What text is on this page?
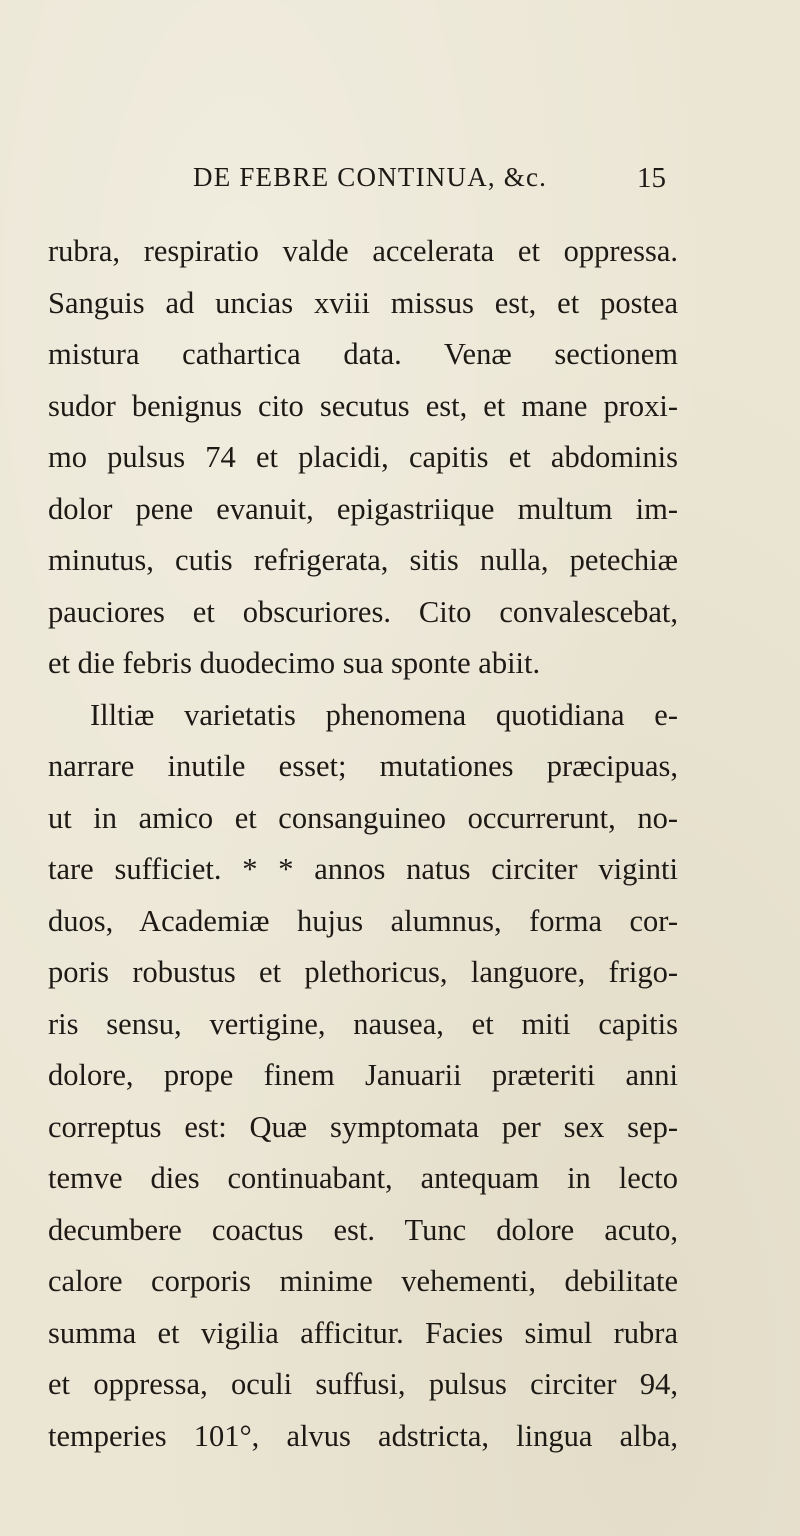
DE FEBRE CONTINUA, &c.	15
rubra, respiratio valde accelerata et oppressa.
Sanguis ad uncias xviii missus est, et postea
mistura cathartica data. Venæ sectionem
sudor benignus cito secutus est, et mane proxi-
mo pulsus 74 et placidi, capitis et abdominis
dolor pene evanuit, epigastriique multum im-
minutus, cutis refrigerata, sitis nulla, petechiæ
pauciores et obscuriores. Cito convalescebat,
et die febris duodecimo sua sponte abiit.
Illtiæ varietatis phenomena quotidiana e-
narrare inutile esset; mutationes præcipuas,
ut in amico et consanguineo occurrerunt, no-
tare sufficiet. * * annos natus circiter viginti
duos, Academiæ hujus alumnus, forma cor-
poris robustus et plethoricus, languore, frigo-
ris sensu, vertigine, nausea, et miti capitis
dolore, prope finem Januarii præteriti anni
correptus est: Quæ symptomata per sex sep-
temve dies continuabant, antequam in lecto
decumbere coactus est. Tunc dolore acuto,
calore corporis minime vehementi, debilitate
summa et vigilia afficitur. Facies simul rubra
et oppressa, oculi suffusi, pulsus circiter 94,
temperies 101°, alvus adstricta, lingua alba,
